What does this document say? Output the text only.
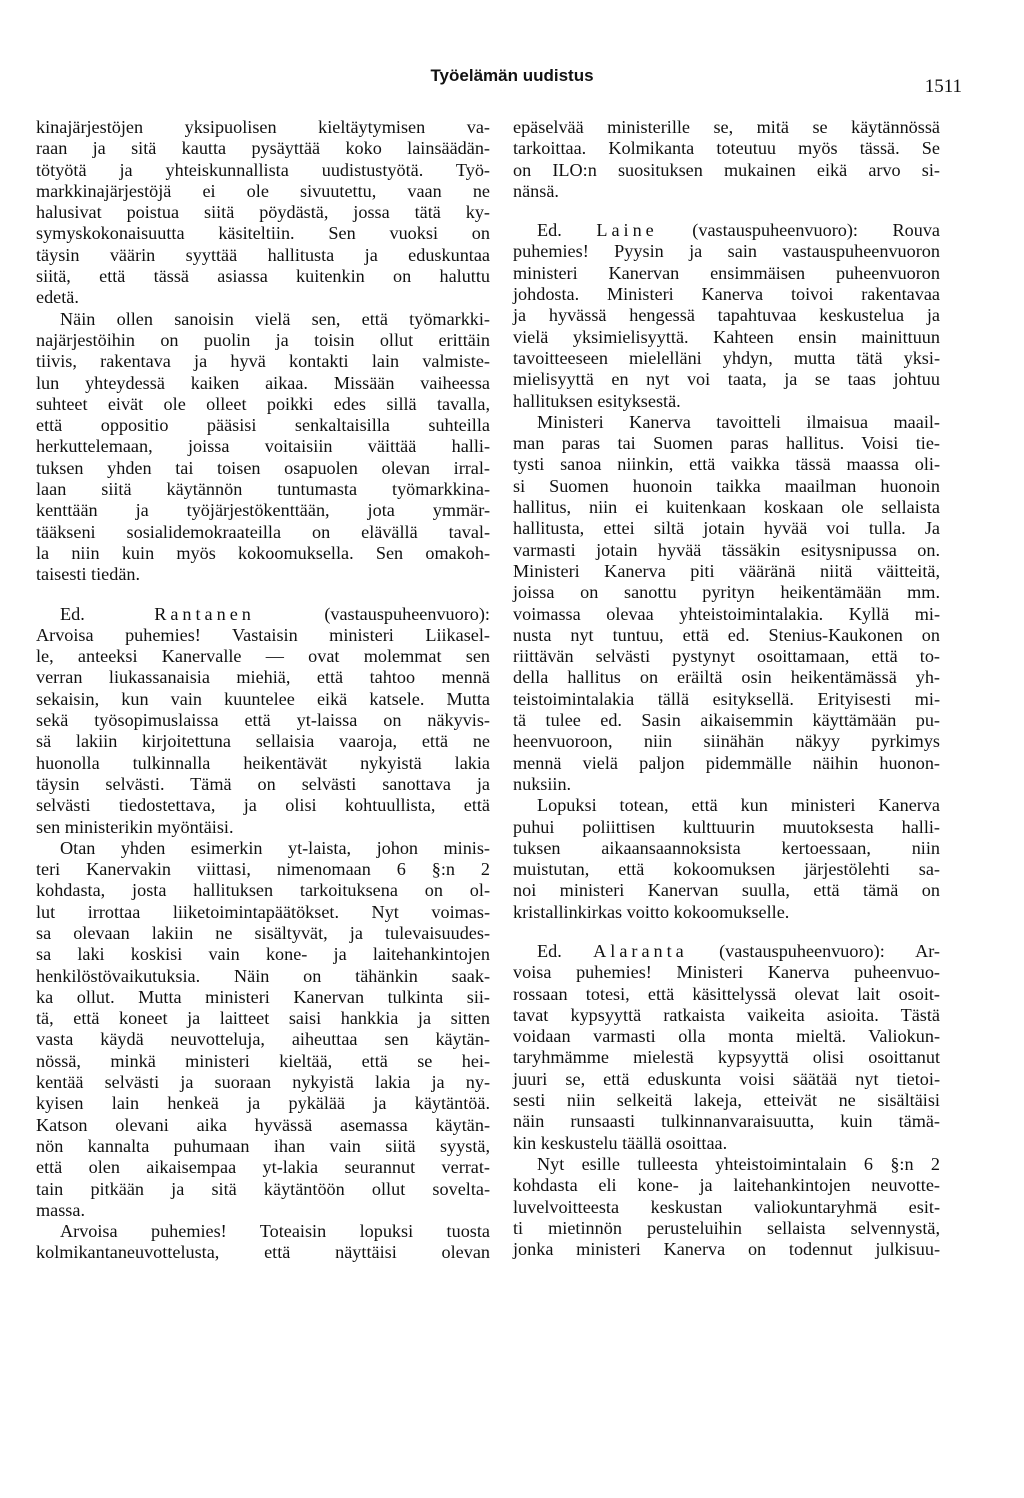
Työelämän uudistus
1511
kinajärjestöjen yksipuolisen kieltäytymisen va-
raan ja sitä kautta pysäyttää koko lainsäädän-
tötyötä ja yhteiskunnallista uudistustyötä. Työ-
markkinajärjestöjä ei ole sivuutettu, vaan ne
halusivat poistua siitä pöydästä, jossa tätä ky-
symyskokonaisuutta käsiteltiin. Sen vuoksi on
täysin väärin syyttää hallitusta ja eduskuntaa
siitä, että tässä asiassa kuitenkin on haluttu
edetä.
Näin ollen sanoisin vielä sen, että työmarkki-
najärjestöihin on puolin ja toisin ollut erittäin
tiivis, rakentava ja hyvä kontakti lain valmiste-
lun yhteydessä kaiken aikaa. Missään vaiheessa
suhteet eivät ole olleet poikki edes sillä tavalla,
että oppositio pääsisi senkaltaisilla suhteilla
herkuttelemaan, joissa voitaisiin väittää halli-
tuksen yhden tai toisen osapuolen olevan irral-
laan siitä käytännön tuntumasta työmarkkina-
kenttään ja työjärjestökenttään, jota ymmär-
tääkseni sosialidemokraateilla on elävällä taval-
la niin kuin myös kokoomuksella. Sen omakoh-
taisesti tiedän.
Ed.	Rantanen	(vastauspuheenvuoro):
Arvoisa puhemies! Vastaisin ministeri Liikasel-
le, anteeksi Kanervalle — ovat molemmat sen
verran liukassanaisia miehiä, että tahtoo mennä
sekaisin, kun vain kuuntelee eikä katsele. Mutta
sekä työsopimuslaissa että yt-laissa on näkyvis-
sä lakiin kirjoitettuna sellaisia vaaroja, että ne
huonolla tulkinnalla heikentävät nykyistä lakia
täysin selvästi. Tämä on selvästi sanottava ja
selvästi tiedostettava, ja olisi kohtuullista, että
sen ministerikin myöntäisi.
Otan yhden esimerkin yt-laista, johon minis-
teri Kanervakin viittasi, nimenomaan 6 §:n 2
kohdasta, josta hallituksen tarkoituksena on ol-
lut irrottaa liiketoimintapäätökset. Nyt voimas-
sa olevaan lakiin ne sisältyvät, ja tulevaisuudes-
sa laki koskisi vain kone- ja laitehankintojen
henkilöstövaikutuksia. Näin on tähänkin saak-
ka ollut. Mutta ministeri Kanervan tulkinta sii-
tä, että koneet ja laitteet saisi hankkia ja sitten
vasta käydä neuvotteluja, aiheuttaa sen käytän-
nössä, minkä ministeri kieltää, että se hei-
kentää selvästi ja suoraan nykyistä lakia ja ny-
kyisen lain henkeä ja pykälää ja käytäntöä.
Katson olevani aika hyvässä asemassa käytän-
nön kannalta puhumaan ihan vain siitä syystä,
että olen aikaisempaa yt-lakia seurannut verrat-
tain pitkään ja sitä käytäntöön ollut soveltа-
massa.
Arvoisa puhemies! Toteaisin lopuksi tuosta
kolmikantaneuvottelusta, että näyttäisi olevan
epäselvää ministerille se, mitä se käytännössä
tarkoittaa. Kolmikanta toteutuu myös tässä. Se
on ILO:n suosituksen mukainen eikä arvo si-
nänsä.
Ed. Laine (vastauspuheenvuoro): Rouva
puhemies! Pyysin ja sain vastauspuheenvuoron
ministeri Kanervan ensimmäisen puheenvuoron
johdosta. Ministeri Kanerva toivoi rakentavaa
ja hyvässä hengessä tapahtuvaa keskustelua ja
vielä yksimielisyyttä. Kahteen ensin mainittuun
tavoitteeseen mielelläni yhdyn, mutta tätä yksi-
mielisyyttä en nyt voi taata, ja se taas johtuu
hallituksen esityksestä.
Ministeri Kanerva tavoitteli ilmaisua maail-
man paras tai Suomen paras hallitus. Voisi tie-
tysti sanoa niinkin, että vaikka tässä maassa oli-
si Suomen huonoin taikka maailman huonoin
hallitus, niin ei kuitenkaan koskaan ole sellaista
hallitusta, ettei siltä jotain hyvää voi tulla. Ja
varmasti jotain hyvää tässäkin esitysnipussa on.
Ministeri Kanerva piti vääränä niitä väitteitä,
joissa on sanottu pyrityn heikentämään mm.
voimassa olevaa yhteistoimintalakia. Kyllä mi-
nusta nyt tuntuu, että ed. Stenius-Kaukonen on
riittävän selvästi pystynyt osoittamaan, että to-
della hallitus on eräiltä osin heikentämässä yh-
teistoimintalakia tällä esityksellä. Erityisesti mi-
tä tulee ed. Sasin aikaisemmin käyttämään pu-
heenvuoroon, niin siinähän näkyy pyrkimys
mennä vielä paljon pidemmälle näihin huonon-
nuksiin.
Lopuksi totean, että kun ministeri Kanerva
puhui poliittisen kulttuurin muutoksesta halli-
tuksen aikaansaannoksista kertoessaan, niin
muistutan, että kokoomuksen järjestölehti sa-
noi ministeri Kanervan suulla, että tämä on
kristallinkirkas voitto kokoomukselle.
Ed. Alaranta (vastauspuheenvuoro): Ar-
voisa puhemies! Ministeri Kanerva puheenvuo-
rossaan totesi, että käsittelyssä olevat lait osoit-
tavat kypsyyttä ratkaista vaikeita asioita. Tästä
voidaan varmasti olla monta mieltä. Valiokun-
taryhmämme mielestä kypsyyttä olisi osoittanut
juuri se, että eduskunta voisi säätää nyt tietoi-
sesti niin selkeitä lakeja, etteivät ne sisältäisi
näin runsaasti tulkinnanvaraisuutta, kuin tämä-
kin keskustelu täällä osoittaa.
Nyt esille tulleesta yhteistoimintalain 6 §:n 2
kohdasta eli kone- ja laitehankintojen neuvotte-
luvelvoitteesta keskustan valiokuntaryhmä esit-
ti mietinnön perusteluihin sellaista selvennystä,
jonka ministeri Kanerva on todennut julkisuu-
